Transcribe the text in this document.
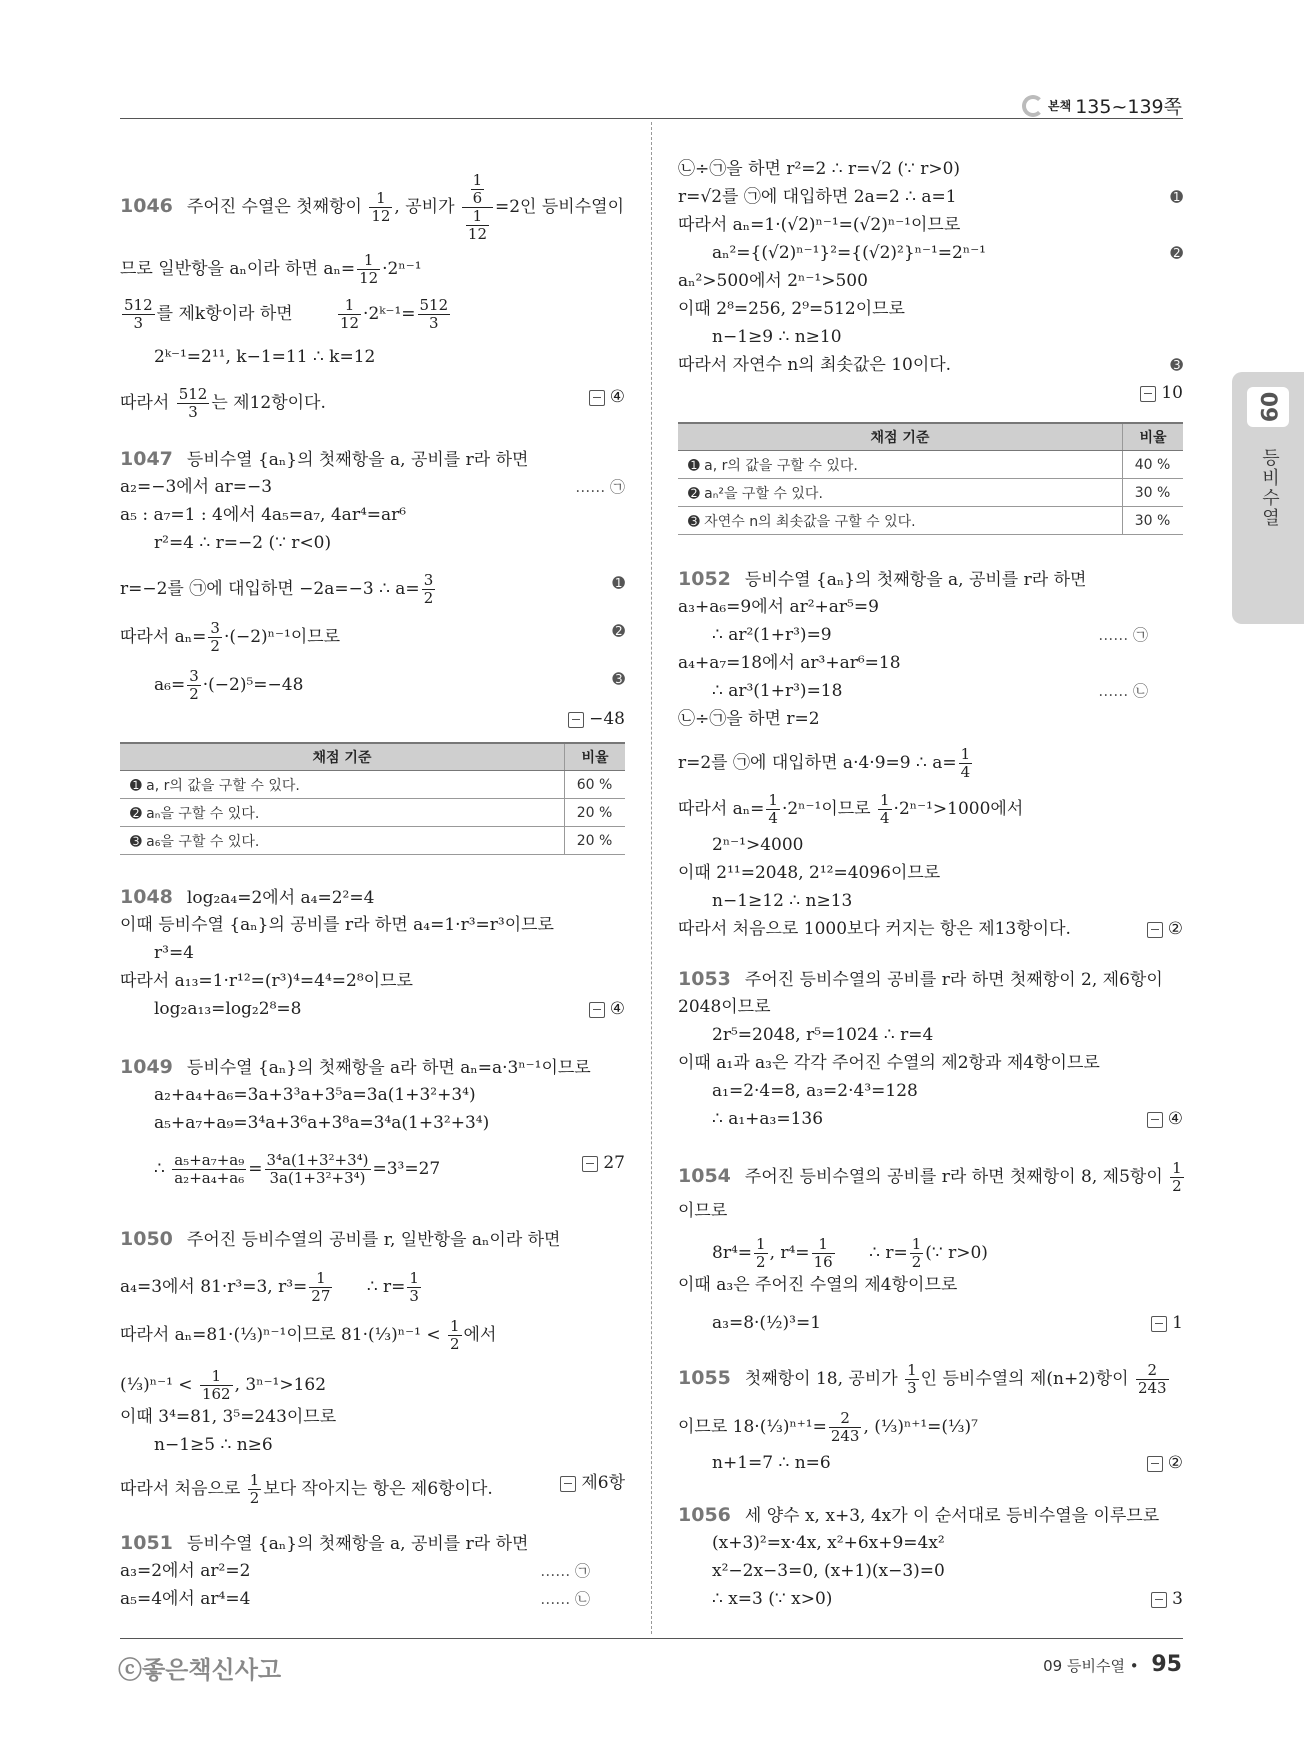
본책 135~139쪽
09
등비수열
1046 주어진 수열은 첫째항이 $\frac{1}{12}$ , 공비가 $\frac{\frac{1}{6}}{\frac{1}{12}} =2$인 등비수열이
므로 일반항을 aₙ이라 하면 $a_n= \frac{1}{12} \cdot 2^{n-1}$
$\frac{512}{3}$ 를 제k항이라 하면	$\frac{1}{12}$ ·2ᵏ⁻¹= $\frac{512}{3}$
2ᵏ⁻¹=2¹¹, k−1=11 ∴ k=12
따라서 $\frac{512}{3}$ 는 제12항이다.	④
1047 등비수열 {aₙ}의 첫째항을 a, 공비를 r라 하면
a₂=−3에서 ar=−3	…… ㉠
a₅ : a₇=1 : 4에서 4a₅=a₇, 4ar⁴=ar⁶
r²=4 ∴ r=−2 (∵ r<0)
r=−2를 ㉠에 대입하면 −2a=−3 ∴ $a= \frac{3}{2}$	➊
따라서 $a_n= \frac{3}{2} \cdot(-2)^{n-1}$이므로	➋
$a_6= \frac{3}{2} \cdot(-2)^5=-48$	➌
−48
채점 기준	비율
➊ a, r의 값을 구할 수 있다.	60 %
➋ aₙ을 구할 수 있다.	20 %
➌ a₆을 구할 수 있다.	20 %
1048 log₂a₄=2에서 a₄=2²=4
이때 등비수열 {aₙ}의 공비를 r라 하면 a₄=1·r³=r³이므로
r³=4
따라서 a₁₃=1·r¹²=(r³)⁴=4⁴=2⁸이므로
log₂a₁₃=log₂2⁸=8	④
1049 등비수열 {aₙ}의 첫째항을 a라 하면 aₙ=a·3ⁿ⁻¹이므로
a₂+a₄+a₆=3a+3³a+3⁵a=3a(1+3²+3⁴)
a₅+a₇+a₉=3⁴a+3⁶a+3⁸a=3⁴a(1+3²+3⁴)
∴ $\frac{\text{a₅+a₇+a₉}}{\text{a₂+a₄+a₆}} = \frac{\text{3⁴a(1+3²+3⁴)}}{\text{3a(1+3²+3⁴)}} =3^3=27$	27
1050 주어진 등비수열의 공비를 r, 일반항을 aₙ이라 하면
a₄=3에서 81·r³=3, $r^3= \frac{1}{27}$ ∴ $r= \frac{1}{3}$
따라서 aₙ=81·(⅓)ⁿ⁻¹이므로 81·(⅓)ⁿ⁻¹ < $\frac{1}{2}$ 에서
(⅓)ⁿ⁻¹ < $\frac{1}{162}$ , 3ⁿ⁻¹>162
이때 3⁴=81, 3⁵=243이므로
n−1≥5 ∴ n≥6
따라서 처음으로 $\frac{1}{2}$ 보다 작아지는 항은 제6항이다.	제6항
1051 등비수열 {aₙ}의 첫째항을 a, 공비를 r라 하면
a₃=2에서 ar²=2	…… ㉠
a₅=4에서 ar⁴=4	…… ㉡
㉡÷㉠을 하면 r²=2 ∴ r=√2 (∵ r>0)
r=√2를 ㉠에 대입하면 2a=2 ∴ a=1	➊
따라서 aₙ=1·(√2)ⁿ⁻¹=(√2)ⁿ⁻¹이므로
aₙ²={(√2)ⁿ⁻¹}²={(√2)²}ⁿ⁻¹=2ⁿ⁻¹	➋
aₙ²>500에서 2ⁿ⁻¹>500
이때 2⁸=256, 2⁹=512이므로
n−1≥9 ∴ n≥10
따라서 자연수 n의 최솟값은 10이다.	➌
10
채점 기준	비율
➊ a, r의 값을 구할 수 있다.	40 %
➋ aₙ²을 구할 수 있다.	30 %
➌ 자연수 n의 최솟값을 구할 수 있다.	30 %
1052 등비수열 {aₙ}의 첫째항을 a, 공비를 r라 하면
a₃+a₆=9에서 ar²+ar⁵=9
∴ ar²(1+r³)=9	…… ㉠
a₄+a₇=18에서 ar³+ar⁶=18
∴ ar³(1+r³)=18	…… ㉡
㉡÷㉠을 하면 r=2
r=2를 ㉠에 대입하면 a·4·9=9 ∴ $a= \frac{1}{4}$
따라서 $a_n= \frac{1}{4} \cdot 2^{n-1}$이므로 $\frac{1}{4} \cdot 2^{n-1}>1000$에서
2ⁿ⁻¹>4000
이때 2¹¹=2048, 2¹²=4096이므로
n−1≥12 ∴ n≥13
따라서 처음으로 1000보다 커지는 항은 제13항이다.	②
1053 주어진 등비수열의 공비를 r라 하면 첫째항이 2, 제6항이
2048이므로
2r⁵=2048, r⁵=1024 ∴ r=4
이때 a₁과 a₃은 각각 주어진 수열의 제2항과 제4항이므로
a₁=2·4=8, a₃=2·4³=128
∴ a₁+a₃=136	④
1054 주어진 등비수열의 공비를 r라 하면 첫째항이 8, 제5항이 $\frac{1}{2}$
이므로
$8r^4= \frac{1}{2}$ , $r^4= \frac{1}{16}$ ∴ $r= \frac{1}{2}$ (∵ r>0)
이때 a₃은 주어진 수열의 제4항이므로
a₃=8·(½)³=1	1
1055 첫째항이 18, 공비가 $\frac{1}{3}$ 인 등비수열의 제(n+2)항이 $\frac{2}{243}$
이므로 18·(⅓)ⁿ⁺¹= $\frac{2}{243}$ , (⅓)ⁿ⁺¹=(⅓)⁷
n+1=7 ∴ n=6	②
1056 세 양수 x, x+3, 4x가 이 순서대로 등비수열을 이루므로
(x+3)²=x·4x, x²+6x+9=4x²
x²−2x−3=0, (x+1)(x−3)=0
∴ x=3 (∵ x>0)	3
ⓒ좋은책신사고	09 등비수열 • 95
